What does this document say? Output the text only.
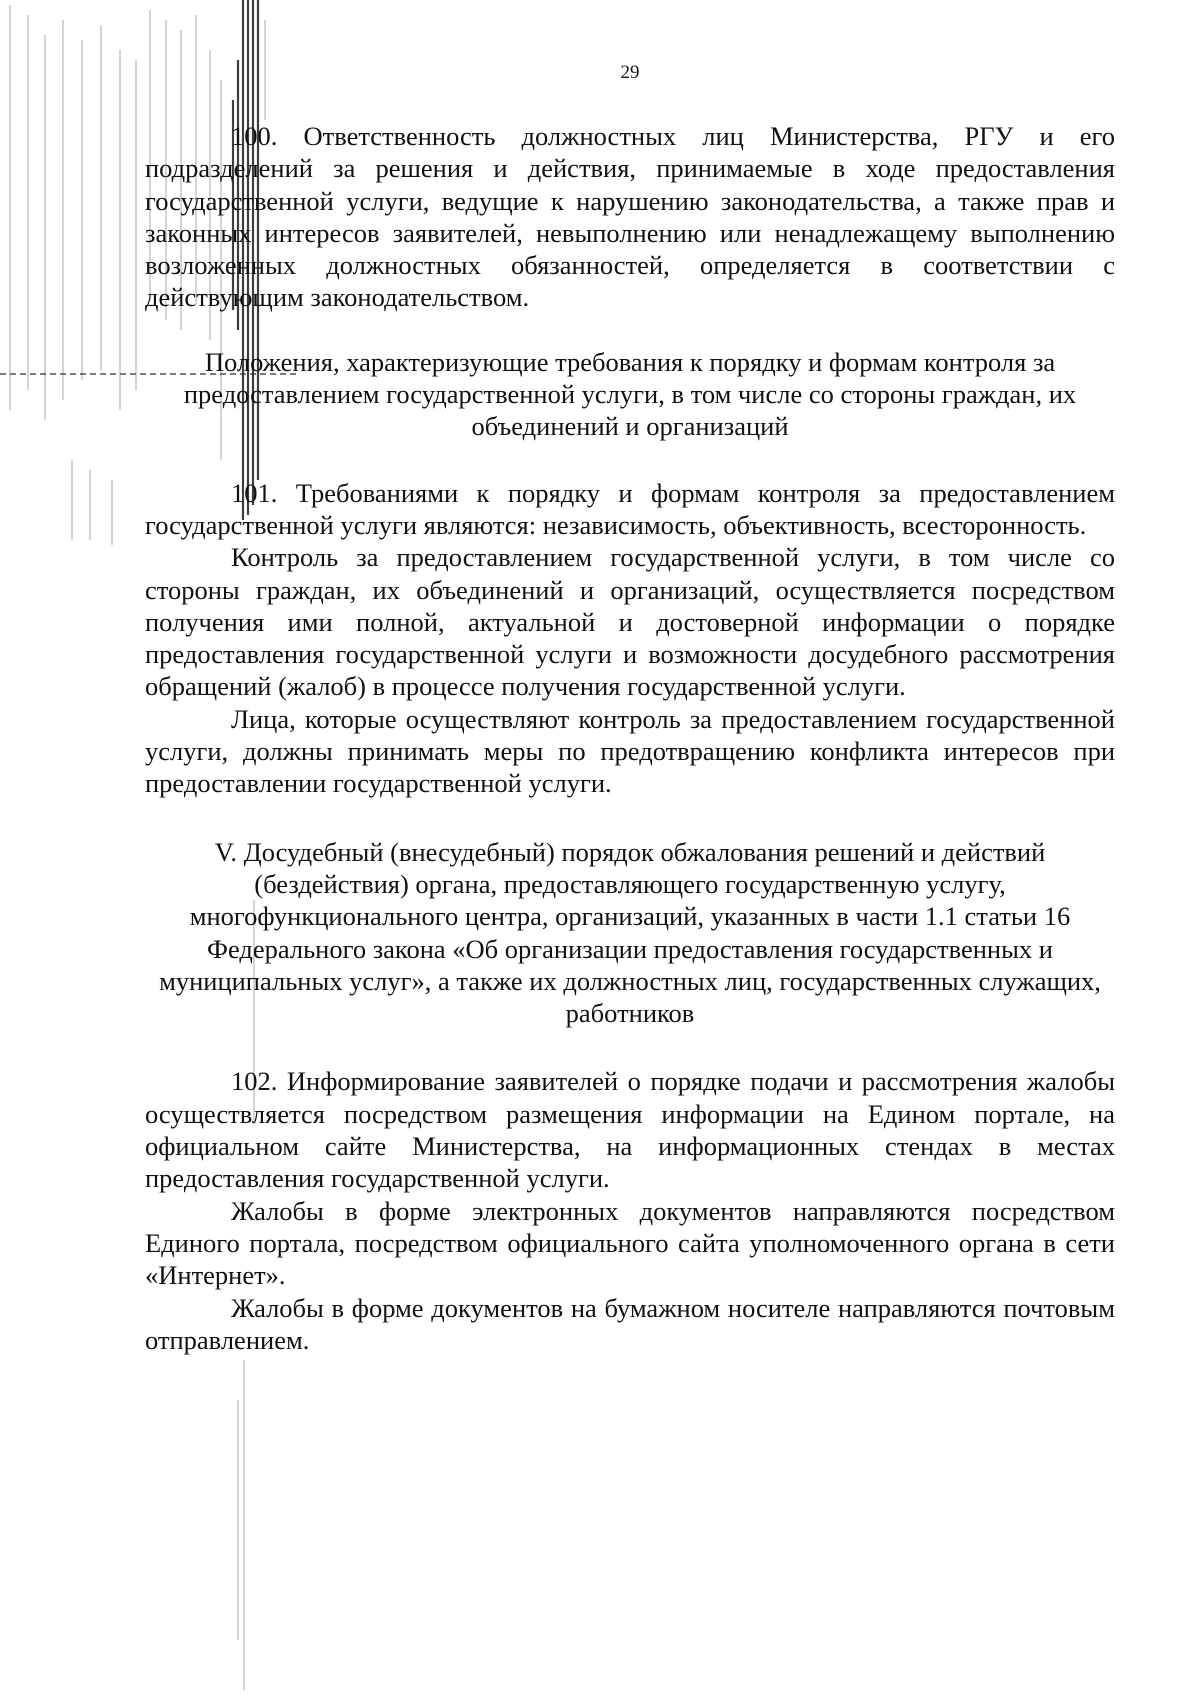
29

100. Ответственность должностных лиц Министерства, РГУ и его подразделений за решения и действия, принимаемые в ходе предоставления государственной услуги, ведущие к нарушению законодательства, а также прав и законных интересов заявителей, невыполнению или ненадлежащему выполнению возложенных должностных обязанностей, определяется в соответствии с действующим законодательством.

Положения, характеризующие требования к порядку и формам контроля за предоставлением государственной услуги, в том числе со стороны граждан, их объединений и организаций

101. Требованиями к порядку и формам контроля за предоставлением государственной услуги являются: независимость, объективность, всесторонность.

Контроль за предоставлением государственной услуги, в том числе со стороны граждан, их объединений и организаций, осуществляется посредством получения ими полной, актуальной и достоверной информации о порядке предоставления государственной услуги и возможности досудебного рассмотрения обращений (жалоб) в процессе получения государственной услуги.

Лица, которые осуществляют контроль за предоставлением государственной услуги, должны принимать меры по предотвращению конфликта интересов при предоставлении государственной услуги.

V. Досудебный (внесудебный) порядок обжалования решений и действий (бездействия) органа, предоставляющего государственную услугу, многофункционального центра, организаций, указанных в части 1.1 статьи 16 Федерального закона «Об организации предоставления государственных и муниципальных услуг», а также их должностных лиц, государственных служащих, работников

102. Информирование заявителей о порядке подачи и рассмотрения жалобы осуществляется посредством размещения информации на Едином портале, на официальном сайте Министерства, на информационных стендах в местах предоставления государственной услуги.

Жалобы в форме электронных документов направляются посредством Единого портала, посредством официального сайта уполномоченного органа в сети «Интернет».

Жалобы в форме документов на бумажном носителе направляются почтовым отправлением.
